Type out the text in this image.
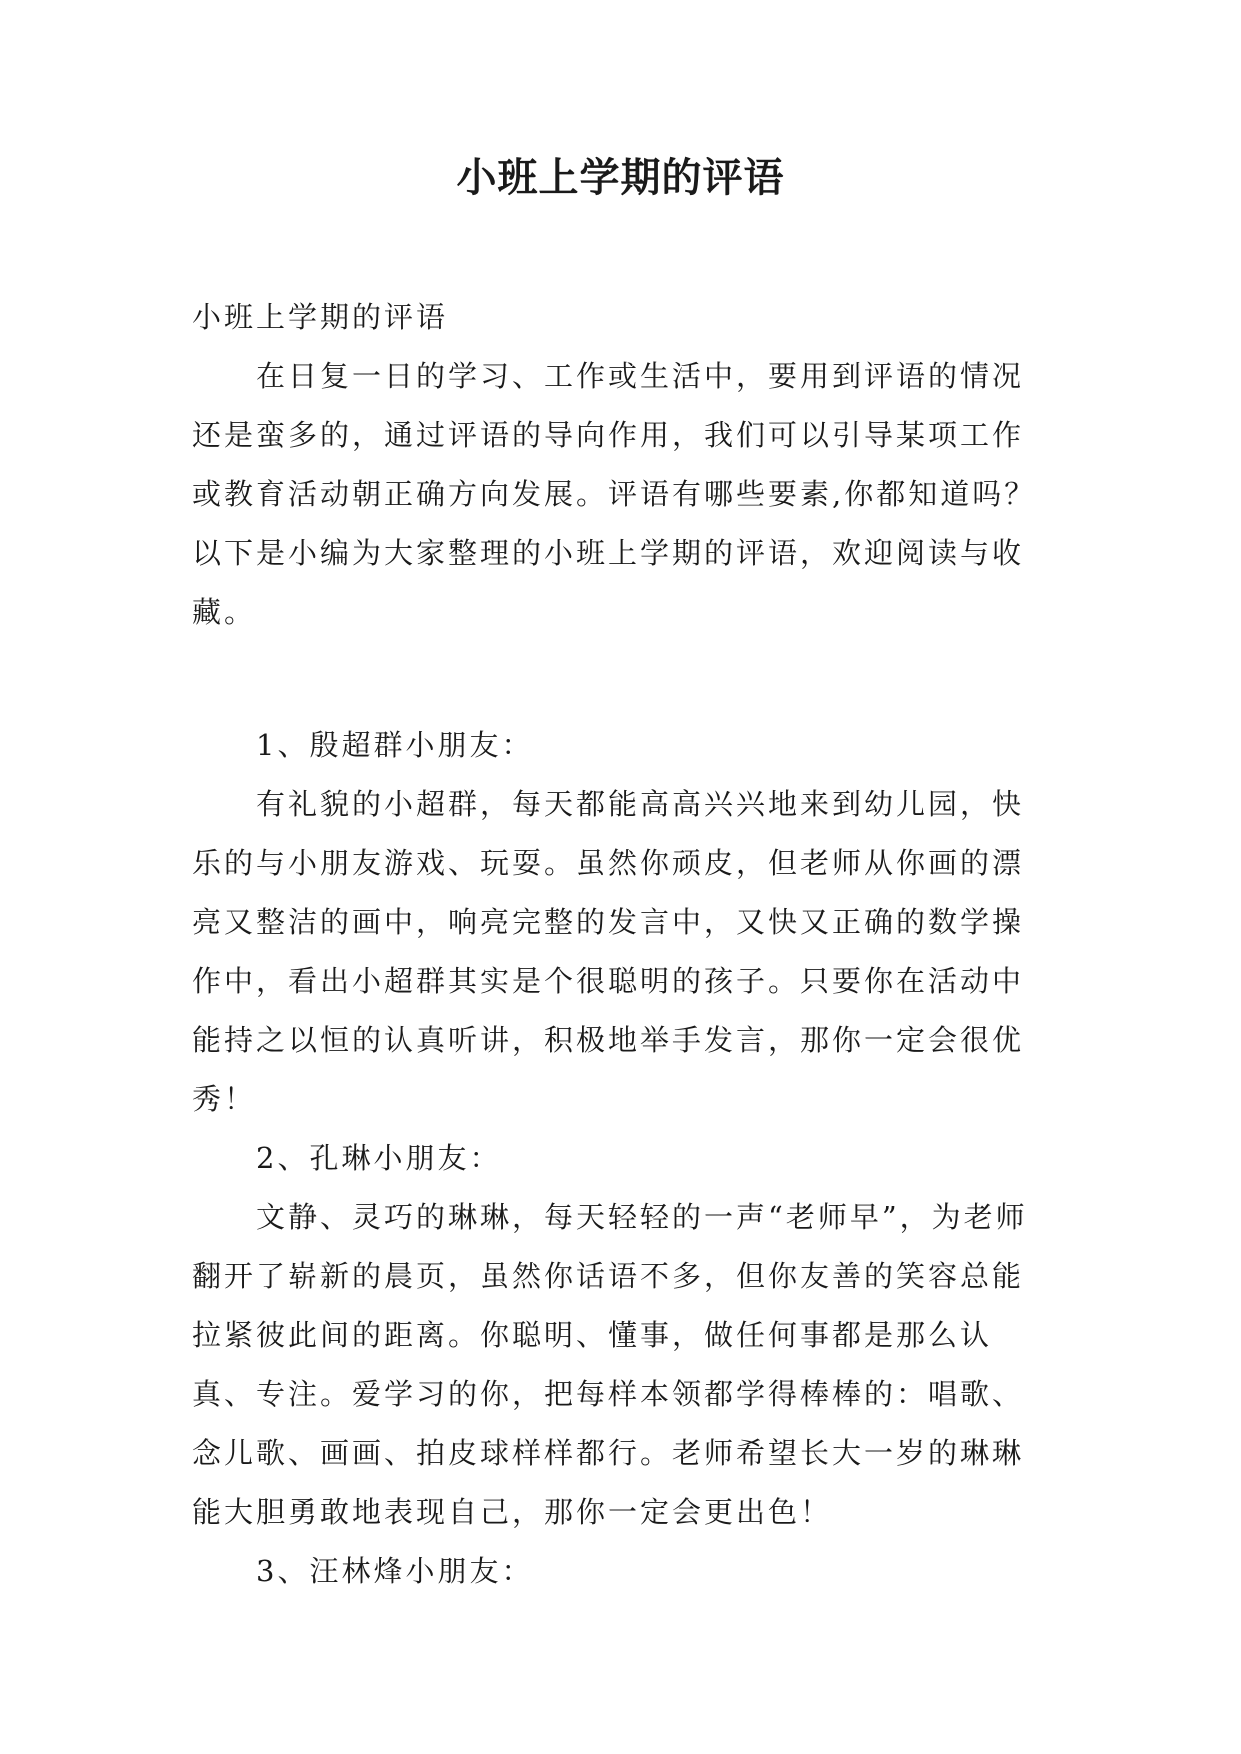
小班上学期的评语

小班上学期的评语

在日复一日的学习、工作或生活中，要用到评语的情况还是蛮多的，通过评语的导向作用，我们可以引导某项工作或教育活动朝正确方向发展。评语有哪些要素,你都知道吗？以下是小编为大家整理的小班上学期的评语，欢迎阅读与收藏。

1、殷超群小朋友：

有礼貌的小超群，每天都能高高兴兴地来到幼儿园，快乐的与小朋友游戏、玩耍。虽然你顽皮，但老师从你画的漂亮又整洁的画中，响亮完整的发言中，又快又正确的数学操作中，看出小超群其实是个很聪明的孩子。只要你在活动中能持之以恒的认真听讲，积极地举手发言，那你一定会很优秀！

2、孔琳小朋友：

文静、灵巧的琳琳，每天轻轻的一声“老师早”，为老师翻开了崭新的晨页，虽然你话语不多，但你友善的笑容总能拉紧彼此间的距离。你聪明、懂事，做任何事都是那么认真、专注。爱学习的你，把每样本领都学得棒棒的：唱歌、念儿歌、画画、拍皮球样样都行。老师希望长大一岁的琳琳能大胆勇敢地表现自己，那你一定会更出色！

3、汪林烽小朋友：
